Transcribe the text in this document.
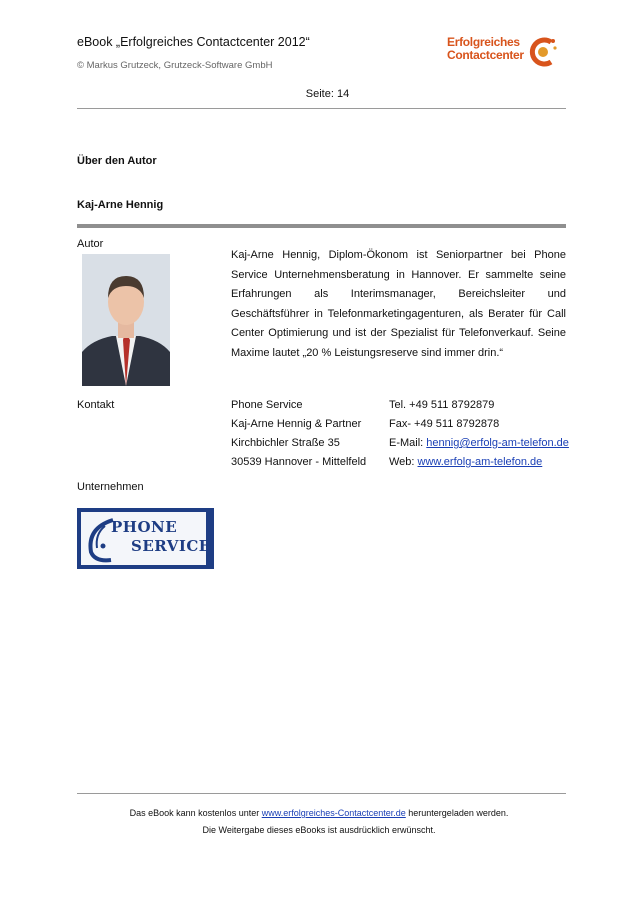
eBook „Erfolgreiches Contactcenter 2012“
© Markus Grutzeck, Grutzeck-Software GmbH
Erfolgreiches
Contactcenter
Seite: 14
Über den Autor
Kaj-Arne Hennig
Autor
Kaj-Arne Hennig, Diplom-Ökonom ist Seniorpartner bei Phone Service Unternehmensberatung in Hannover. Er sammelte seine Erfahrungen als Interimsmanager, Bereichsleiter und Geschäftsführer in Telefonmarketingagenturen, als Berater für Call Center Optimierung und ist der Spezialist für Telefonverkauf. Seine Maxime lautet „20 % Leistungsreserve sind immer drin.“
Kontakt	Phone Service
Kaj-Arne Hennig & Partner
Kirchbichler Straße 35
30539 Hannover - Mittelfeld
Tel. +49 511 8792879
Fax- +49 511 8792878
E-Mail: hennig@erfolg-am-telefon.de
Web: www.erfolg-am-telefon.de
Unternehmen
PHONE
SERVICE
Das eBook kann kostenlos unter www.erfolgreiches-Contactcenter.de heruntergeladen werden.
Die Weitergabe dieses eBooks ist ausdrücklich erwünscht.
